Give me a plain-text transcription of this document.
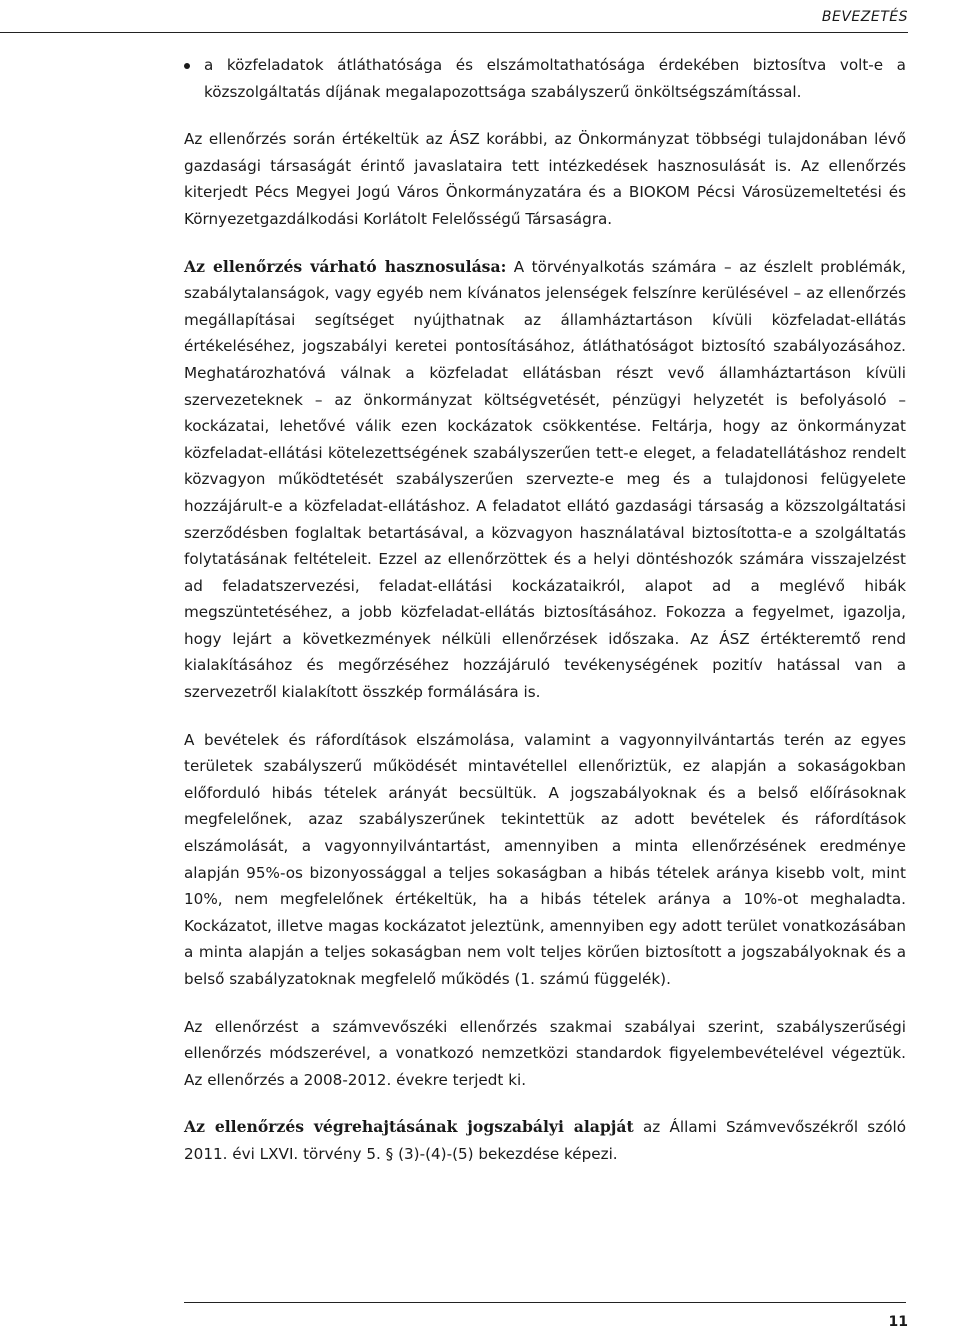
BEVEZETÉS
a közfeladatok átláthatósága és elszámoltathatósága érdekében biztosítva volt-e a közszolgáltatás díjának megalapozottsága szabályszerű önköltségszámítással.

Az ellenőrzés során értékeltük az ÁSZ korábbi, az Önkormányzat többségi tulajdonában lévő gazdasági társaságát érintő javaslataira tett intézkedések hasznosulását is. Az ellenőrzés kiterjedt Pécs Megyei Jogú Város Önkormányzatára és a BIOKOM Pécsi Városüzemeltetési és Környezetgazdálkodási Korlátolt Felelősségű Társaságra.

Az ellenőrzés várható hasznosulása: A törvényalkotás számára – az észlelt problémák, szabálytalanságok, vagy egyéb nem kívánatos jelenségek felszínre kerülésével – az ellenőrzés megállapításai segítséget nyújthatnak az államháztartáson kívüli közfeladat-ellátás értékeléséhez, jogszabályi keretei pontosításához, átláthatóságot biztosító szabályozásához. Meghatározhatóvá válnak a közfeladat ellátásban részt vevő államháztartáson kívüli szervezeteknek – az önkormányzat költségvetését, pénzügyi helyzetét is befolyásoló – kockázatai, lehetővé válik ezen kockázatok csökkentése. Feltárja, hogy az önkormányzat közfeladat-ellátási kötelezettségének szabályszerűen tett-e eleget, a feladatellátáshoz rendelt közvagyon működtetését szabályszerűen szervezte-e meg és a tulajdonosi felügyelete hozzájárult-e a közfeladat-ellátáshoz. A feladatot ellátó gazdasági társaság a közszolgáltatási szerződésben foglaltak betartásával, a közvagyon használatával biztosította-e a szolgáltatás folytatásának feltételeit. Ezzel az ellenőrzöttek és a helyi döntéshozók számára visszajelzést ad feladatszervezési, feladat-ellátási kockázataikról, alapot ad a meglévő hibák megszüntetéséhez, a jobb közfeladat-ellátás biztosításához. Fokozza a fegyelmet, igazolja, hogy lejárt a következmények nélküli ellenőrzések időszaka. Az ÁSZ értékteremtő rend kialakításához és megőrzéséhez hozzájáruló tevékenységének pozitív hatással van a szervezetről kialakított összkép formálására is.

A bevételek és ráfordítások elszámolása, valamint a vagyonnyilvántartás terén az egyes területek szabályszerű működését mintavétellel ellenőriztük, ez alapján a sokaságokban előforduló hibás tételek arányát becsültük. A jogszabályoknak és a belső előírásoknak megfelelőnek, azaz szabályszerűnek tekintettük az adott bevételek és ráfordítások elszámolását, a vagyonnyilvántartást, amennyiben a minta ellenőrzésének eredménye alapján 95%-os bizonyossággal a teljes sokaságban a hibás tételek aránya kisebb volt, mint 10%, nem megfelelőnek értékeltük, ha a hibás tételek aránya a 10%-ot meghaladta. Kockázatot, illetve magas kockázatot jeleztünk, amennyiben egy adott terület vonatkozásában a minta alapján a teljes sokaságban nem volt teljes körűen biztosított a jogszabályoknak és a belső szabályzatoknak megfelelő működés (1. számú függelék).

Az ellenőrzést a számvevőszéki ellenőrzés szakmai szabályai szerint, szabályszerűségi ellenőrzés módszerével, a vonatkozó nemzetközi standardok figyelembevételével végeztük. Az ellenőrzés a 2008-2012. évekre terjedt ki.

Az ellenőrzés végrehajtásának jogszabályi alapját az Állami Számvevőszékről szóló 2011. évi LXVI. törvény 5. § (3)-(4)-(5) bekezdése képezi.

11
